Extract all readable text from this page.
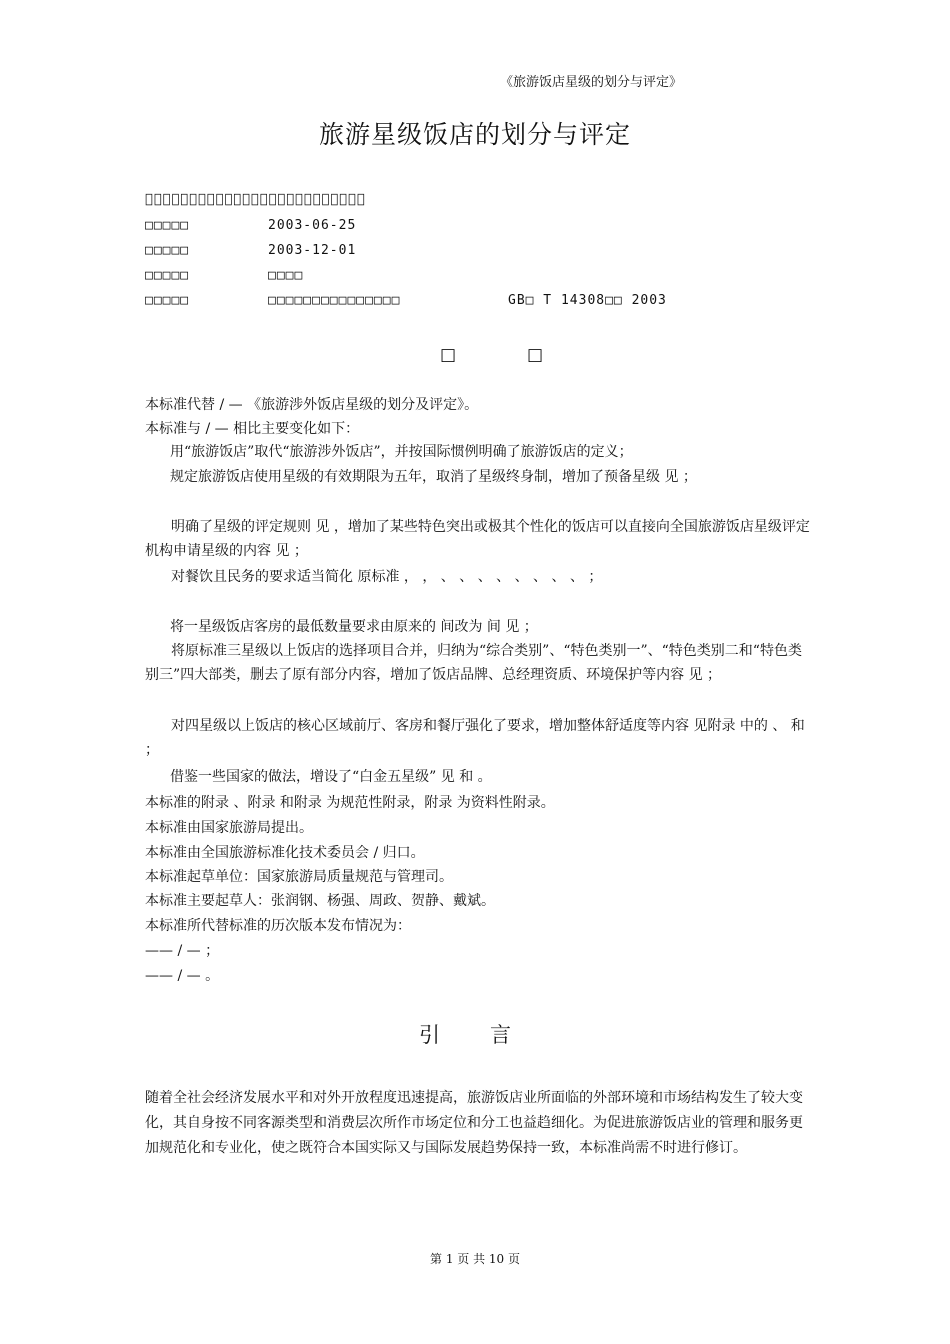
《旅游饭店星级的划分与评定》
旅游星级饭店的划分与评定
􀀀􀀀􀀀􀀀􀀀􀀀􀀀􀀀􀀀􀀀􀀀􀀀􀀀􀀀􀀀􀀀􀀀􀀀􀀀􀀀􀀀􀀀􀀀􀀀􀀀
□□□□□	2003-06-25
□□□□□	2003-12-01
□□□□□	□□□□
□□□□□	□□□□□□□□□□□□□□□	GB□ T 14308□□ 2003
□	□
本标准代替 / — 《旅游涉外饭店星级的划分及评定》。
本标准与 / — 相比主要变化如下：
用“旅游饭店”取代“旅游涉外饭店”，并按国际惯例明确了旅游饭店的定义；
规定旅游饭店使用星级的有效期限为五年，取消了星级终身制，增加了预备星级 见 ；
明确了星级的评定规则 见 ，增加了某些特色突出或极其个性化的饭店可以直接向全国旅游饭店星级评定机构申请星级的内容 见 ；
对餐饮且民务的要求适当简化 原标准 ， ， 、 、 、 、 、 、 、 、 ；
将一星级饭店客房的最低数量要求由原来的 间改为 间 见 ；
将原标准三星级以上饭店的选择项目合并，归纳为“综合类别”、“特色类别一”、“特色类别二和“特色类别三”四大部类，删去了原有部分内容，增加了饭店品牌、总经理资质、环境保护等内容 见 ；
对四星级以上饭店的核心区域前厅、客房和餐厅强化了要求，增加整体舒适度等内容 见附录 中的 、 和 ；
借鉴一些国家的做法，增设了“白金五星级” 见 和 。
本标准的附录 、附录 和附录 为规范性附录，附录 为资料性附录。
本标准由国家旅游局提出。
本标准由全国旅游标准化技术委员会 / 归口。
本标准起草单位：国家旅游局质量规范与管理司。
本标准主要起草人：张润钢、杨强、周政、贺静、戴斌。
本标准所代替标准的历次版本发布情况为：
—— / — ；
—— / — 。
引言
随着全社会经济发展水平和对外开放程度迅速提高，旅游饭店业所面临的外部环境和市场结构发生了较大变化，其自身按不同客源类型和消费层次所作市场定位和分工也益趋细化。为促进旅游饭店业的管理和服务更加规范化和专业化，使之既符合本国实际又与国际发展趋势保持一致，本标准尚需不时进行修订。
第 1 页 共 10 页
